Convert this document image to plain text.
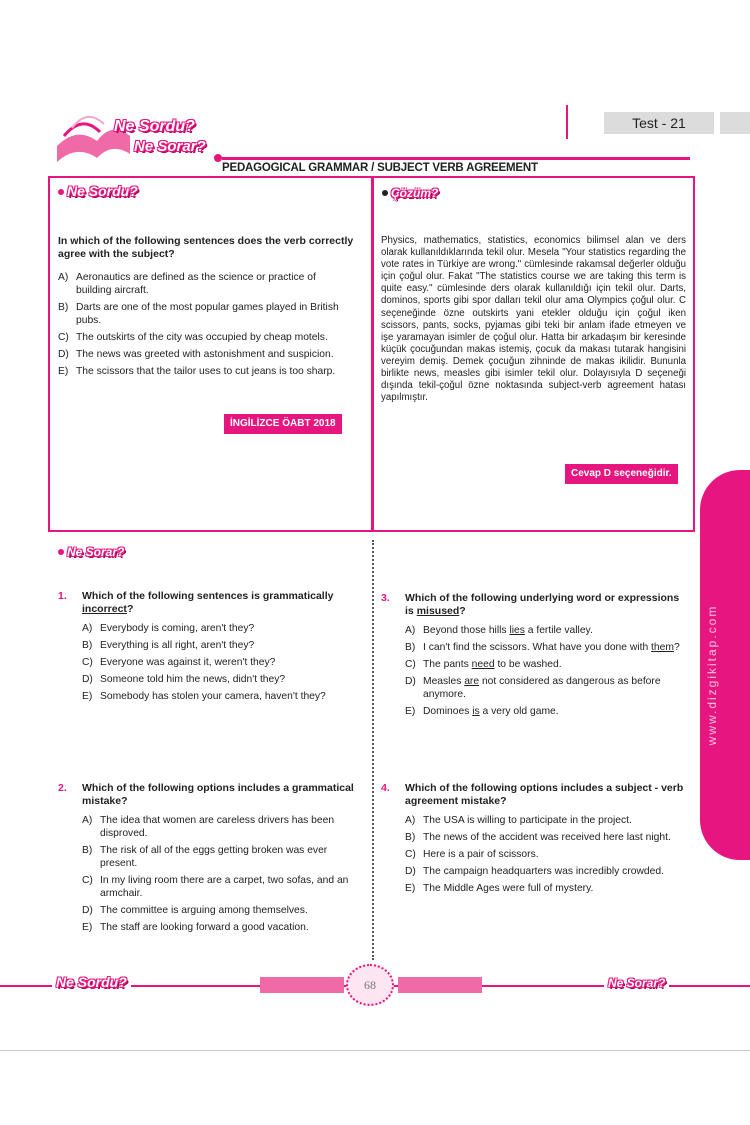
Ne Sordu?
Ne Sorar?
Test - 21
PEDAGOGICAL GRAMMAR / SUBJECT VERB AGREEMENT
Ne Sordu?
In which of the following sentences does the verb correctly agree with the subject?
A) Aeronautics are defined as the science or practice of building aircraft.
B) Darts are one of the most popular games played in British pubs.
C) The outskirts of the city was occupied by cheap motels.
D) The news was greeted with astonishment and suspicion.
E) The scissors that the tailor uses to cut jeans is too sharp.
İNGİLİZCE ÖABT 2018
Çözüm?
Physics, mathematics, statistics, economics bilimsel alan ve ders olarak kullanıldıklarında tekil olur. Mesela "Your statistics regarding the vote rates in Türkiye are wrong." cümlesinde rakamsal değerler olduğu için çoğul olur. Fakat "The statistics course we are taking this term is quite easy." cümlesinde ders olarak kullanıldığı için tekil olur. Darts, dominos, sports gibi spor dalları tekil olur ama Olympics çoğul olur. C seçeneğinde özne outskirts yani etekler olduğu için çoğul iken scissors, pants, socks, pyjamas gibi teki bir anlam ifade etmeyen ve işe yaramayan isimler de çoğul olur. Hatta bir arkadaşım bir keresinde küçük çocuğundan makas istemiş, çocuk da makası tutarak hangisini vereyim demiş. Demek çocuğun zihninde de makas ikilidir. Bununla birlikte news, measles gibi isimler tekil olur. Dolayısıyla D seçeneği dışında tekil-çoğul özne noktasında subject-verb agreement hatası yapılmıştır.
Cevap D seçeneğidir.
Ne Sorar?
1.	Which of the following sentences is grammatically incorrect?
A) Everybody is coming, aren't they?
B) Everything is all right, aren't they?
C) Everyone was against it, weren't they?
D) Someone told him the news, didn't they?
E) Somebody has stolen your camera, haven't they?
2.	Which of the following options includes a grammatical mistake?
A) The idea that women are careless drivers has been disproved.
B) The risk of all of the eggs getting broken was ever present.
C) In my living room there are a carpet, two sofas, and an armchair.
D) The committee is arguing among themselves.
E) The staff are looking forward a good vacation.
3.	Which of the following underlying word or expressions is misused?
A) Beyond those hills lies a fertile valley.
B) I can't find the scissors. What have you done with them?
C) The pants need to be washed.
D) Measles are not considered as dangerous as before anymore.
E) Dominoes is a very old game.
4.	Which of the following options includes a subject - verb agreement mistake?
A) The USA is willing to participate in the project.
B) The news of the accident was received here last night.
C) Here is a pair of scissors.
D) The campaign headquarters was incredibly crowded.
E) The Middle Ages were full of mystery.
www.dizgikitap.com
Ne Sordu?	Ne Sorar?
68
